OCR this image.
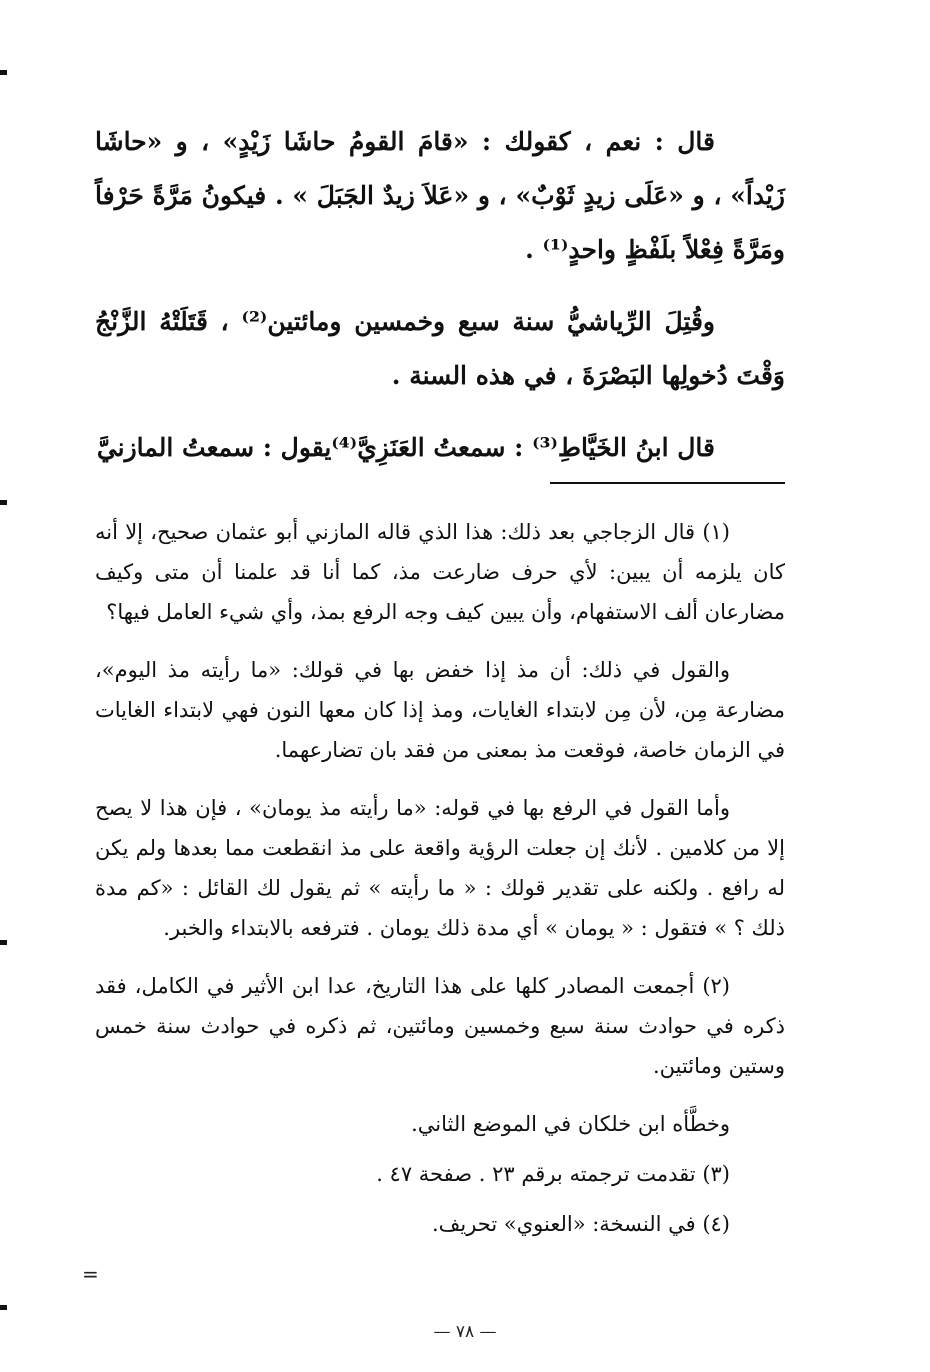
قال : نعم ، كقولك : «قامَ القومُ حاشَا زَيْدٍ» ، و «حاشَا زَيْداً» ، و «عَلَى زيدٍ ثَوْبٌ» ، و «عَلاَ زيدٌ الجَبَلَ » . فيكونُ مَرَّةً حَرْفاً ومَرَّةً فِعْلاً بلَفْظٍ واحدٍ⁽¹⁾ .

وقُتِلَ الرِّياشيُّ سنة سبع وخمسين ومائتين⁽²⁾ ، قَتَلَتْهُ الزَّنْجُ وَقْتَ دُخولِها البَصْرَةَ ، في هذه السنة .

قال ابنُ الخَيَّاطِ⁽³⁾ : سمعتُ العَنَزِيَّ⁽⁴⁾يقول : سمعتُ المازنيَّ

(١) قال الزجاجي بعد ذلك: هذا الذي قاله المازني أبو عثمان صحيح، إلا أنه كان يلزمه أن يبين: لأي حرف ضارعت مذ، كما أنا قد علمنا أن متى وكيف مضارعان ألف الاستفهام، وأن يبين كيف وجه الرفع بمذ، وأي شيء العامل فيها؟

والقول في ذلك: أن مذ إذا خفض بها في قولك: «ما رأيته مذ اليوم»، مضارعة مِن، لأن مِن لابتداء الغايات، ومذ إذا كان معها النون فهي لابتداء الغايات في الزمان خاصة، فوقعت مذ بمعنى من فقد بان تضارعهما.

وأما القول في الرفع بها في قوله: «ما رأيته مذ يومان» ، فإن هذا لا يصح إلا من كلامين . لأنك إن جعلت الرؤية واقعة على مذ انقطعت مما بعدها ولم يكن له رافع . ولكنه على تقدير قولك : « ما رأيته » ثم يقول لك القائل : «كم مدة ذلك ؟ » فتقول : « يومان » أي مدة ذلك يومان . فترفعه بالابتداء والخبر.

(٢) أجمعت المصادر كلها على هذا التاريخ، عدا ابن الأثير في الكامل، فقد ذكره في حوادث سنة سبع وخمسين ومائتين، ثم ذكره في حوادث سنة خمس وستين ومائتين.

وخطَّأه ابن خلكان في الموضع الثاني.

(٣) تقدمت ترجمته برقم ٢٣ . صفحة ٤٧ .

(٤) في النسخة: «العنوي» تحريف.

=
— ٧٨ —
